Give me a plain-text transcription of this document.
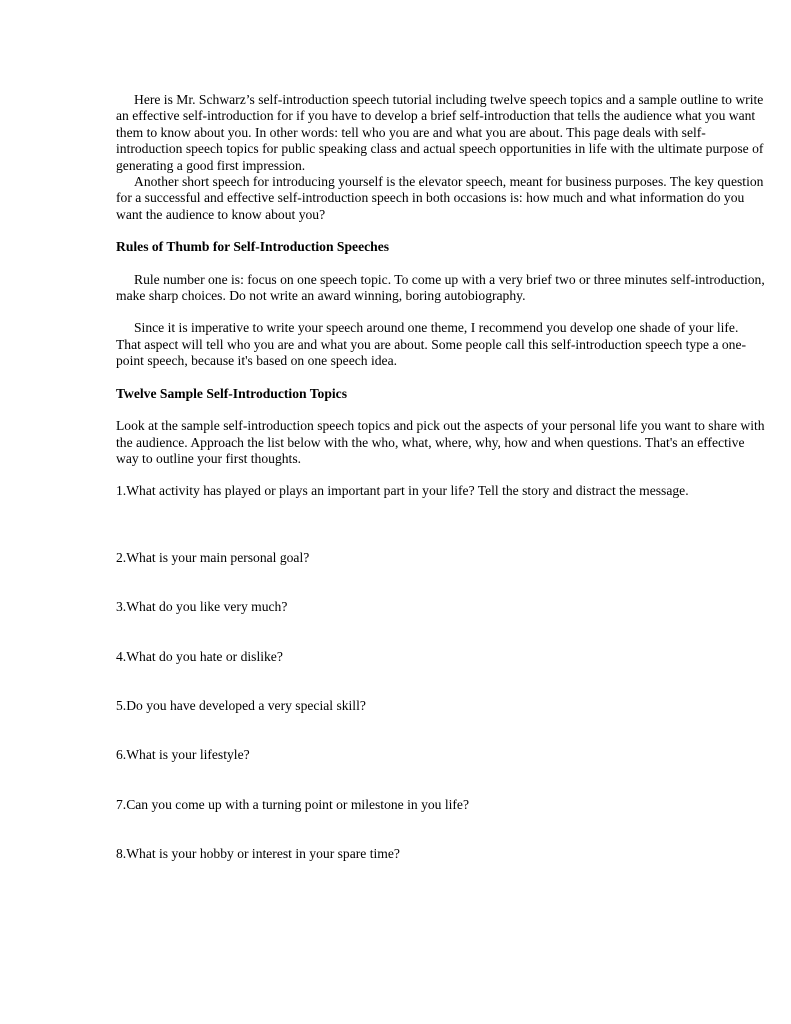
Here is Mr. Schwarz’s self-introduction speech tutorial including twelve speech topics and a sample outline to write an effective self-introduction for if you have to develop a brief self-introduction that tells the audience what you want them to know about you. In other words: tell who you are and what you are about. This page deals with self-introduction speech topics for public speaking class and actual speech opportunities in life with the ultimate purpose of generating a good first impression.

Another short speech for introducing yourself is the elevator speech, meant for business purposes. The key question for a successful and effective self-introduction speech in both occasions is: how much and what information do you want the audience to know about you?

Rules of Thumb for Self-Introduction Speeches

Rule number one is: focus on one speech topic. To come up with a very brief two or three minutes self-introduction, make sharp choices. Do not write an award winning, boring autobiography.

Since it is imperative to write your speech around one theme, I recommend you develop one shade of your life. That aspect will tell who you are and what you are about. Some people call this self-introduction speech type a one-point speech, because it's based on one speech idea.

Twelve Sample Self-Introduction Topics

Look at the sample self-introduction speech topics and pick out the aspects of your personal life you want to share with the audience. Approach the list below with the who, what, where, why, how and when questions. That's an effective way to outline your first thoughts.

1.What activity has played or plays an important part in your life? Tell the story and distract the message.

2.What is your main personal goal?

3.What do you like very much?

4.What do you hate or dislike?

5.Do you have developed a very special skill?

6.What is your lifestyle?

7.Can you come up with a turning point or milestone in you life?

8.What is your hobby or interest in your spare time?
